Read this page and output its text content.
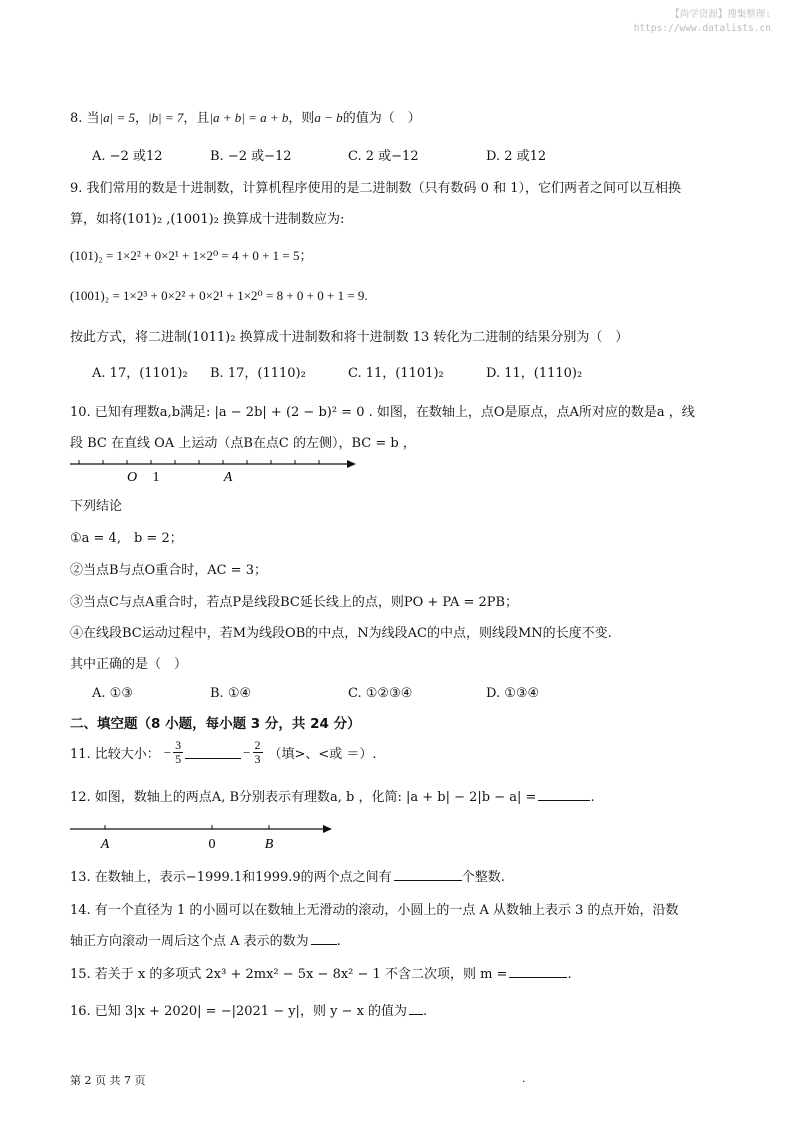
【尚学资源】搜集整理:
https://www.datalists.cn
8. 当|a| = 5，|b| = 7，且|a + b| = a + b，则a − b的值为（　）
A. −2 或12	B. −2 或−12	C. 2 或−12	D. 2 或12
9. 我们常用的数是十进制数，计算机程序使用的是二进制数（只有数码 0 和 1），它们两者之间可以互相换
算，如将(101)₂ ,(1001)₂ 换算成十进制数应为:
(101)₂ = 1×2² + 0×2¹ + 1×2⁰ = 4 + 0 + 1 = 5；
(1001)₂ = 1×2³ + 0×2² + 0×2¹ + 1×2⁰ = 8 + 0 + 0 + 1 = 9.
按此方式，将二进制(1011)₂ 换算成十进制数和将十进制数 13 转化为二进制的结果分别为（　）
A. 17，(1101)₂ B. 17，(1110)₂	C. 11，(1101)₂	D. 11，(1110)₂
10. 已知有理数a,b满足: |a − 2b| + (2 − b)² = 0 . 如图，在数轴上，点O是原点，点A所对应的数是a ，线
段 BC 在直线 OA 上运动（点B在点C 的左侧），BC = b ，
O 1	A
下列结论
①a = 4,　b = 2；
②当点B与点O重合时，AC = 3；
③当点C与点A重合时，若点P是线段BC延长线上的点，则PO + PA = 2PB；
④在线段BC运动过程中，若M为线段OB的中点，N为线段AC的中点，则线段MN的长度不变.
其中正确的是（　）
A. ①③	B. ①④	C. ①②③④	D. ①③④
二、填空题（8 小题，每小题 3 分，共 24 分）
11. 比较大小： − $\frac{3}{5}$	− $\frac{2}{3}$ （填>、<或 ＝）.
12. 如图，数轴上的两点A, B分别表示有理数a, b ，化简: |a + b| − 2|b − a| =	.
A	0	B
13. 在数轴上，表示−1999.1和1999.9的两个点之间有	个整数.
14. 有一个直径为 1 的小圆可以在数轴上无滑动的滚动，小圆上的一点 A 从数轴上表示 3 的点开始，沿数
轴正方向滚动一周后这个点 A 表示的数为 .
15. 若关于 x 的多项式 2x³ + 2mx² − 5x − 8x² − 1 不含二次项，则 m =	.
16. 已知 3|x + 2020| = −|2021 − y|，则 y − x 的值为 .
第 2 页 共 7 页	.
